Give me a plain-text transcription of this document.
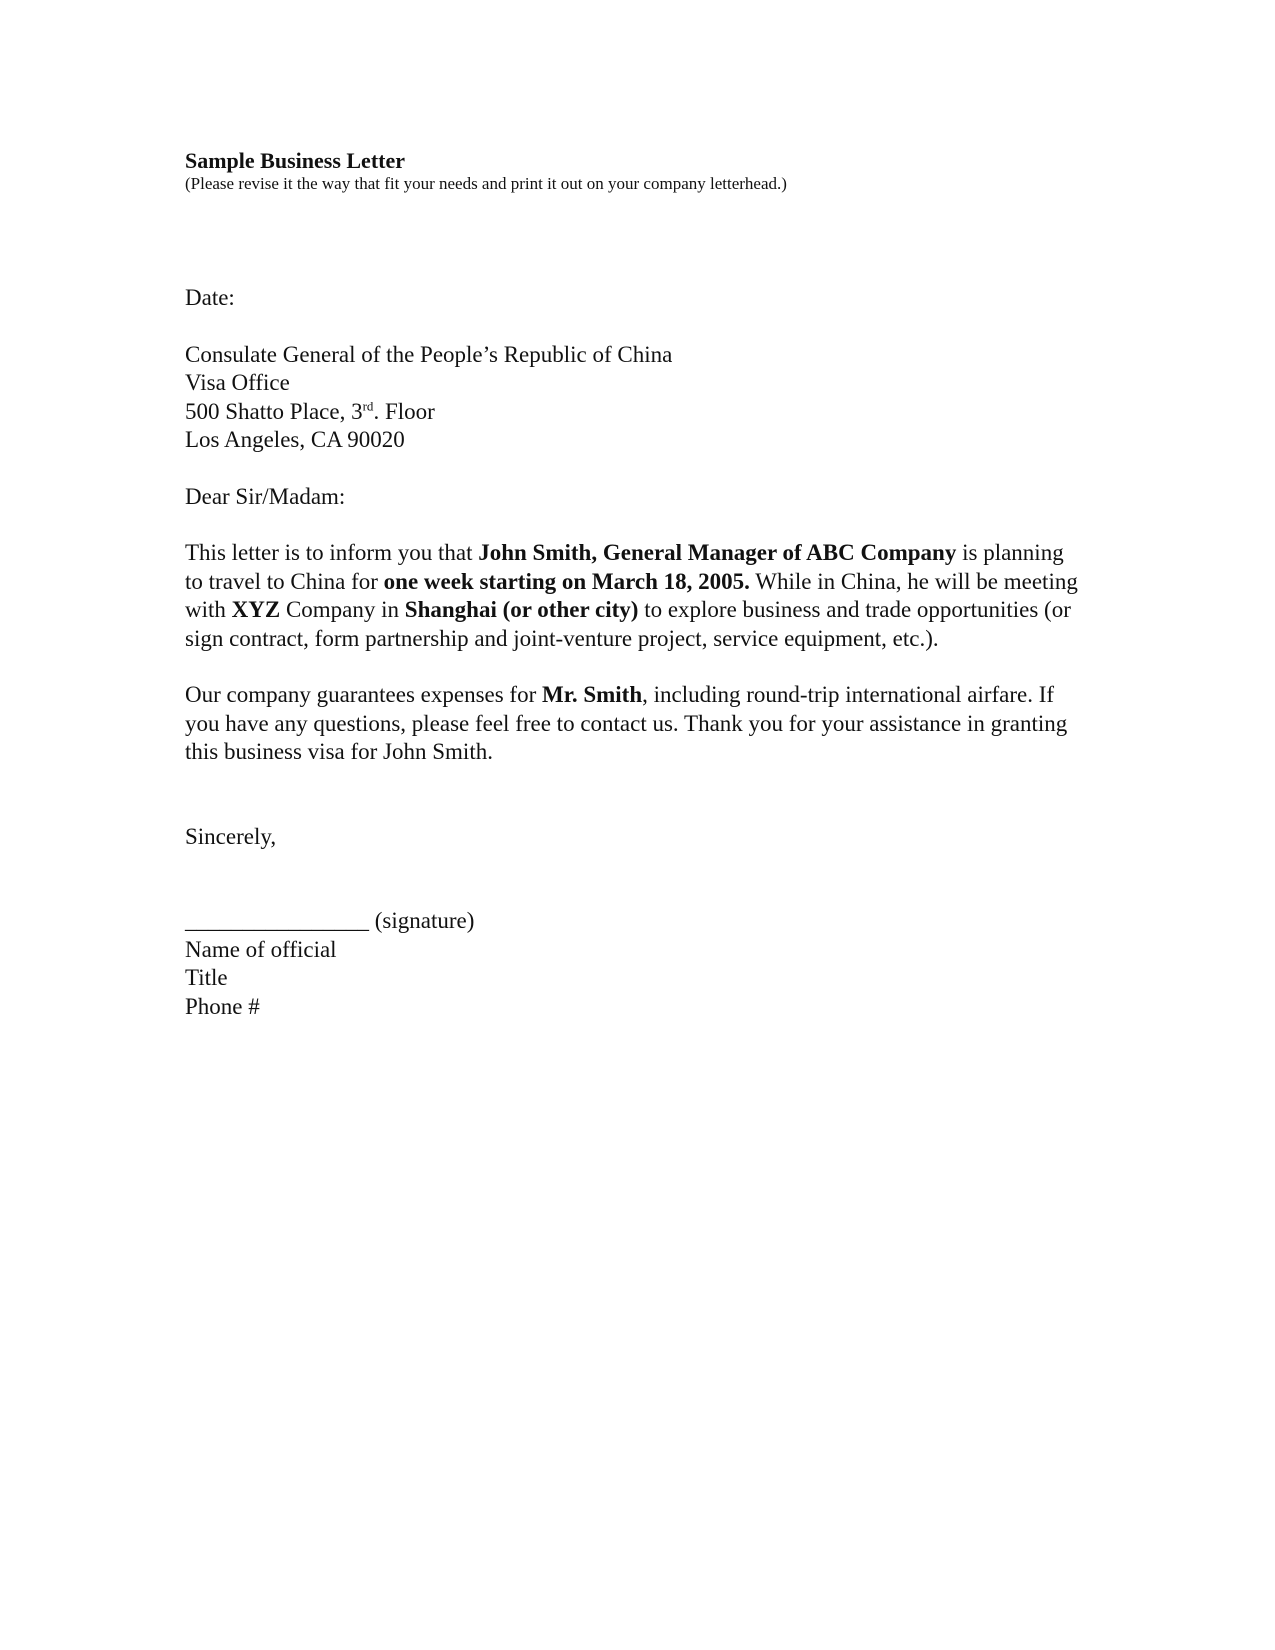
Sample Business Letter
(Please revise it the way that fit your needs and print it out on your company letterhead.)
Date:
Consulate General of the People’s Republic of China
Visa Office
500 Shatto Place, 3rd. Floor
Los Angeles, CA 90020
Dear Sir/Madam:
This letter is to inform you that John Smith, General Manager of ABC Company is planning to travel to China for one week starting on March 18, 2005. While in China, he will be meeting with XYZ Company in Shanghai (or other city) to explore business and trade opportunities (or sign contract, form partnership and joint-venture project, service equipment, etc.).
Our company guarantees expenses for Mr. Smith, including round-trip international airfare. If you have any questions, please feel free to contact us. Thank you for your assistance in granting this business visa for John Smith.
Sincerely,
________________ (signature)
Name of official
Title
Phone #
